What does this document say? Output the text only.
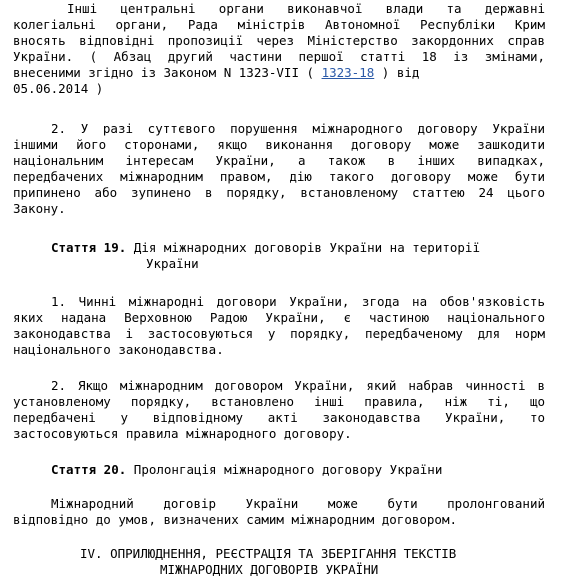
Інші центральні органи виконавчої влади та державні
колегіальні органи, Рада міністрів Автономної Республіки Крим
вносять відповідні пропозиції через Міністерство закордонних справ
України. ( Абзац другий частини першої статті 18 із змінами,
внесеними згідно із Законом N 1323-VII ( 1323-18 ) від
05.06.2014 )
2. У разі суттєвого порушення міжнародного договору України
іншими його сторонами, якщо виконання договору може зашкодити
національним інтересам України, а також в інших випадках,
передбачених міжнародним правом, дію такого договору може бути
припинено або зупинено в порядку, встановленому статтею 24 цього
Закону.
Стаття 19. Дія міжнародних договорів України на території
України
1. Чинні міжнародні договори України, згода на обов'язковість
яких надана Верховною Радою України, є частиною національного
законодавства і застосовуються у порядку, передбаченому для норм
національного законодавства.
2. Якщо міжнародним договором України, який набрав чинності в
установленому порядку, встановлено інші правила, ніж ті, що
передбачені у відповідному акті законодавства України, то
застосовуються правила міжнародного договору.
Стаття 20. Пролонгація міжнародного договору України
Міжнародний договір України може бути пролонгований
відповідно до умов, визначених самим міжнародним договором.
IV. ОПРИЛЮДНЕННЯ, РЕЄСТРАЦІЯ ТА ЗБЕРІГАННЯ ТЕКСТІВ
МІЖНАРОДНИХ ДОГОВОРІВ УКРАЇНИ
